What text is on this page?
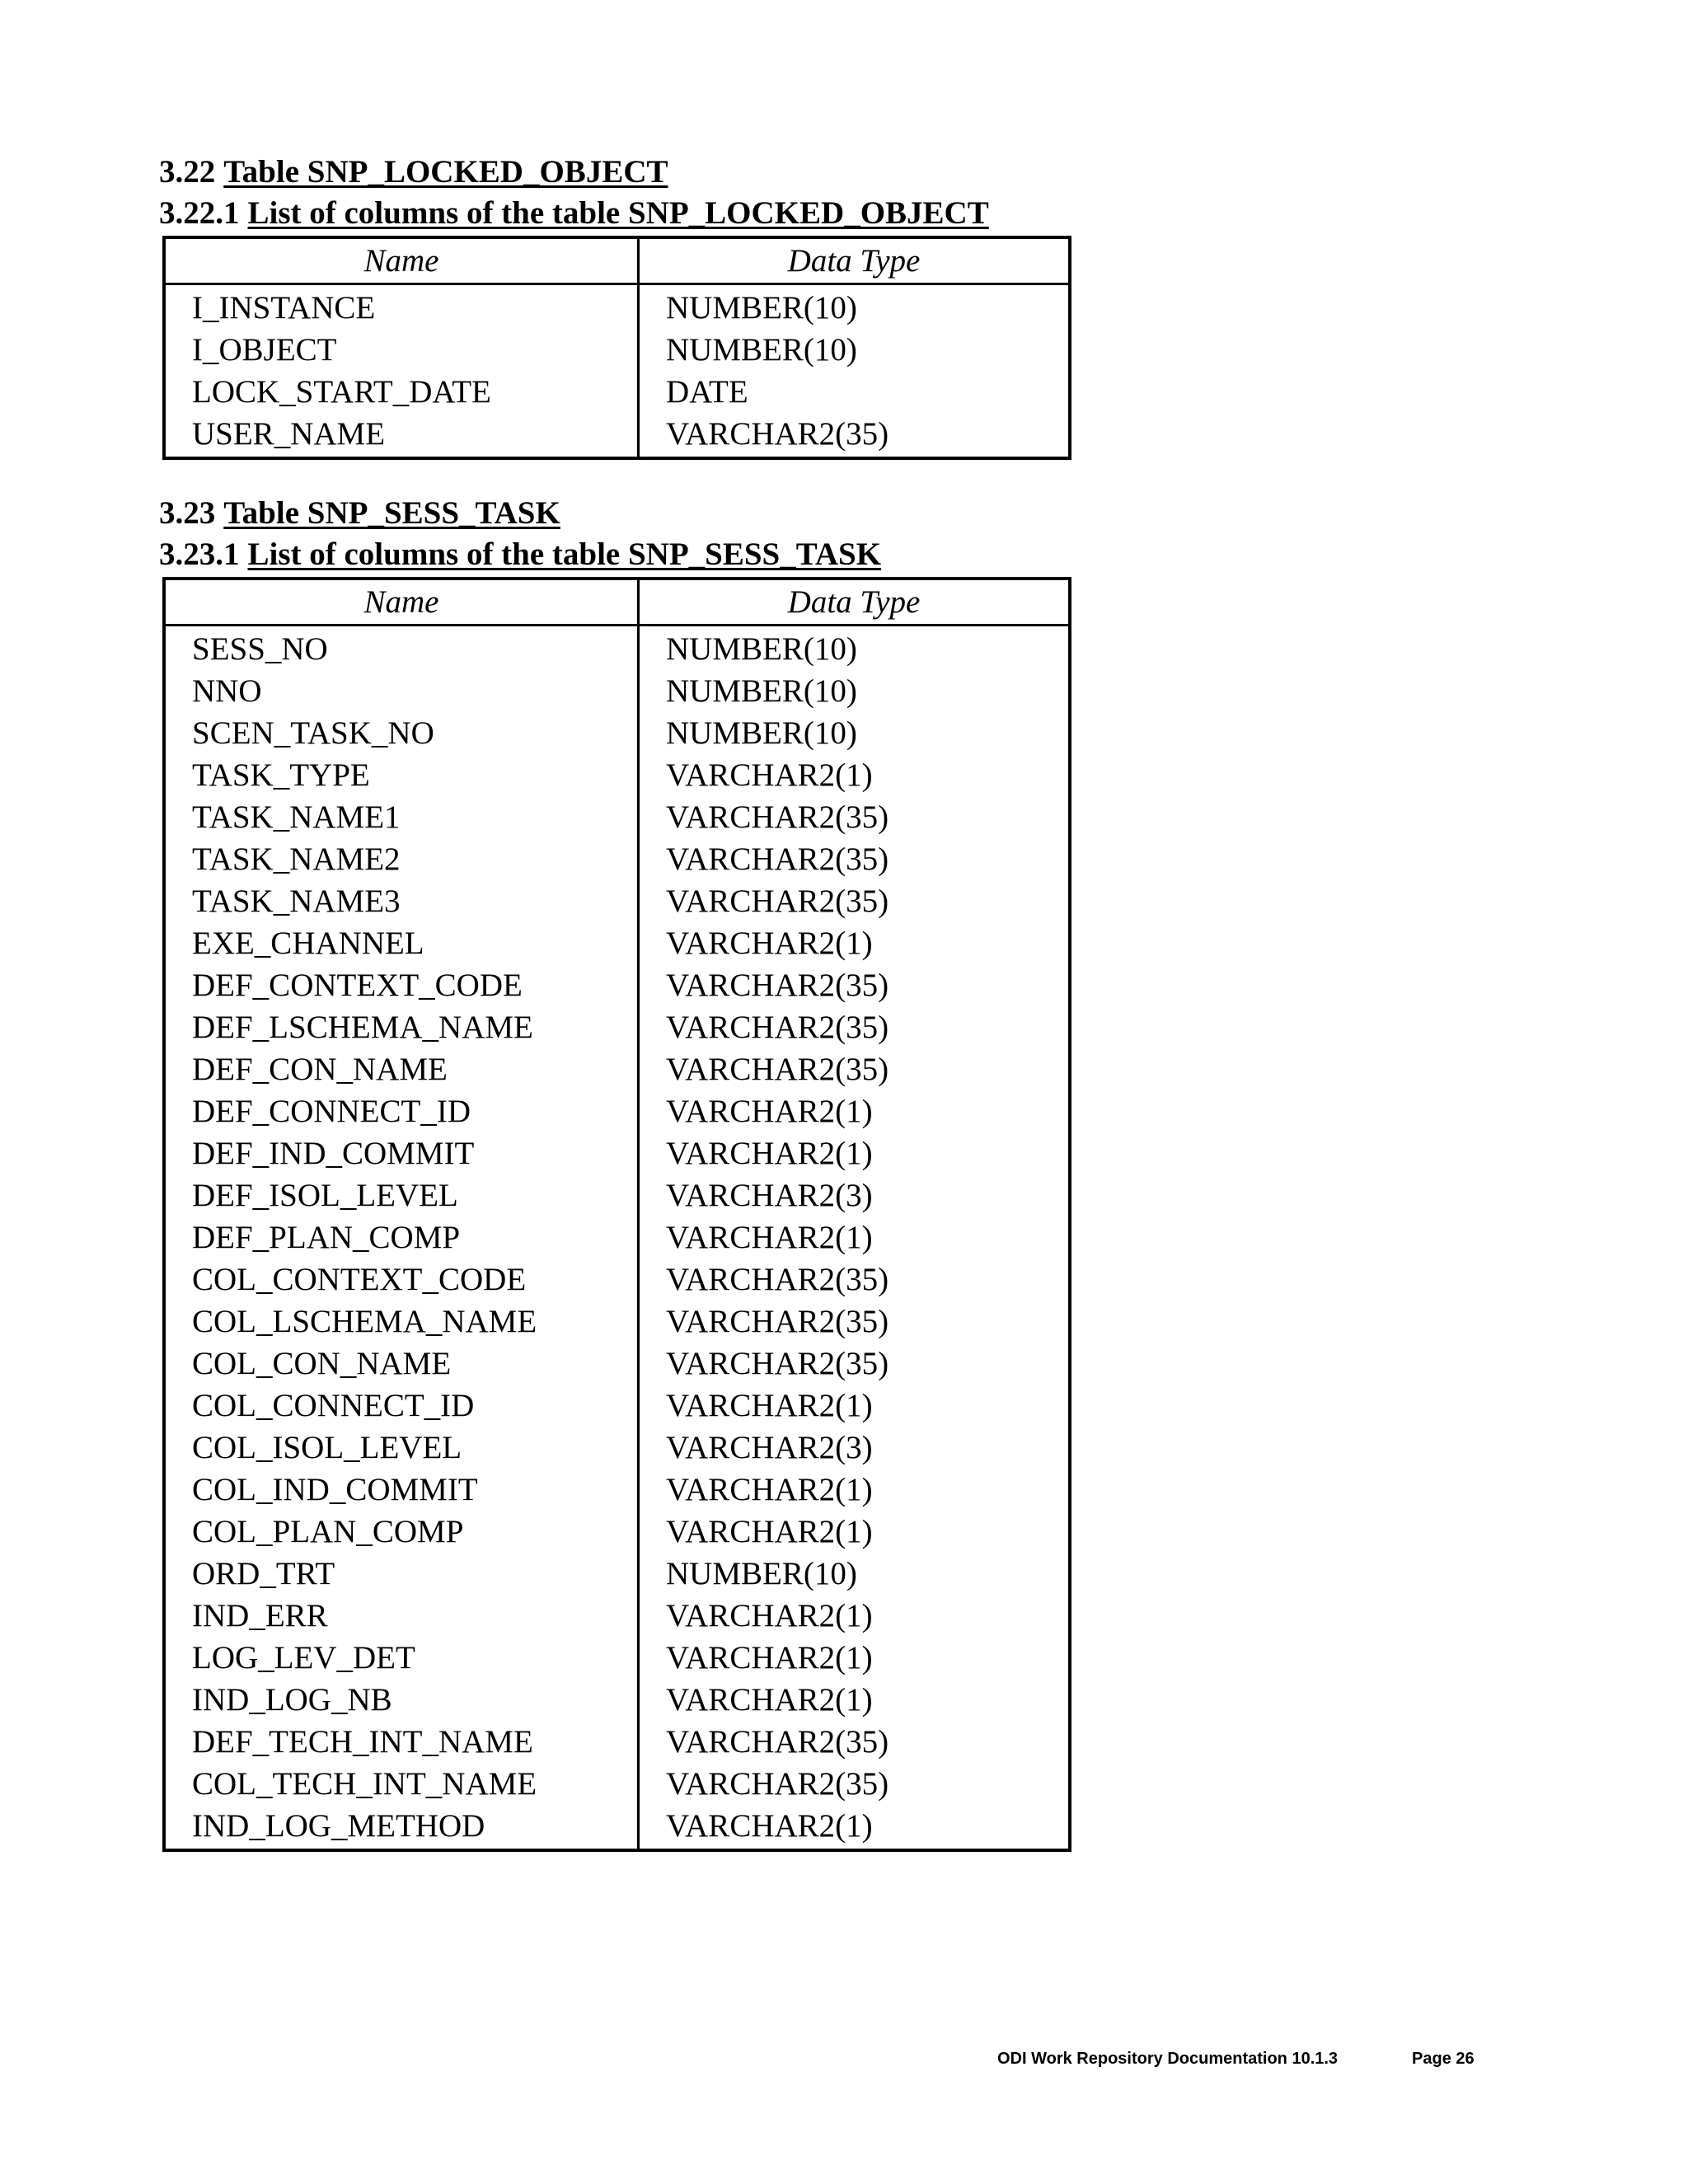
3.22 Table SNP_LOCKED_OBJECT
3.22.1 List of columns of the table SNP_LOCKED_OBJECT
Name	Data Type
I_INSTANCE	NUMBER(10)
I_OBJECT	NUMBER(10)
LOCK_START_DATE	DATE
USER_NAME	VARCHAR2(35)
3.23 Table SNP_SESS_TASK
3.23.1 List of columns of the table SNP_SESS_TASK
Name	Data Type
SESS_NO	NUMBER(10)
NNO	NUMBER(10)
SCEN_TASK_NO	NUMBER(10)
TASK_TYPE	VARCHAR2(1)
TASK_NAME1	VARCHAR2(35)
TASK_NAME2	VARCHAR2(35)
TASK_NAME3	VARCHAR2(35)
EXE_CHANNEL	VARCHAR2(1)
DEF_CONTEXT_CODE	VARCHAR2(35)
DEF_LSCHEMA_NAME	VARCHAR2(35)
DEF_CON_NAME	VARCHAR2(35)
DEF_CONNECT_ID	VARCHAR2(1)
DEF_IND_COMMIT	VARCHAR2(1)
DEF_ISOL_LEVEL	VARCHAR2(3)
DEF_PLAN_COMP	VARCHAR2(1)
COL_CONTEXT_CODE	VARCHAR2(35)
COL_LSCHEMA_NAME	VARCHAR2(35)
COL_CON_NAME	VARCHAR2(35)
COL_CONNECT_ID	VARCHAR2(1)
COL_ISOL_LEVEL	VARCHAR2(3)
COL_IND_COMMIT	VARCHAR2(1)
COL_PLAN_COMP	VARCHAR2(1)
ORD_TRT	NUMBER(10)
IND_ERR	VARCHAR2(1)
LOG_LEV_DET	VARCHAR2(1)
IND_LOG_NB	VARCHAR2(1)
DEF_TECH_INT_NAME	VARCHAR2(35)
COL_TECH_INT_NAME	VARCHAR2(35)
IND_LOG_METHOD	VARCHAR2(1)
ODI Work Repository Documentation 10.1.3	Page 26
